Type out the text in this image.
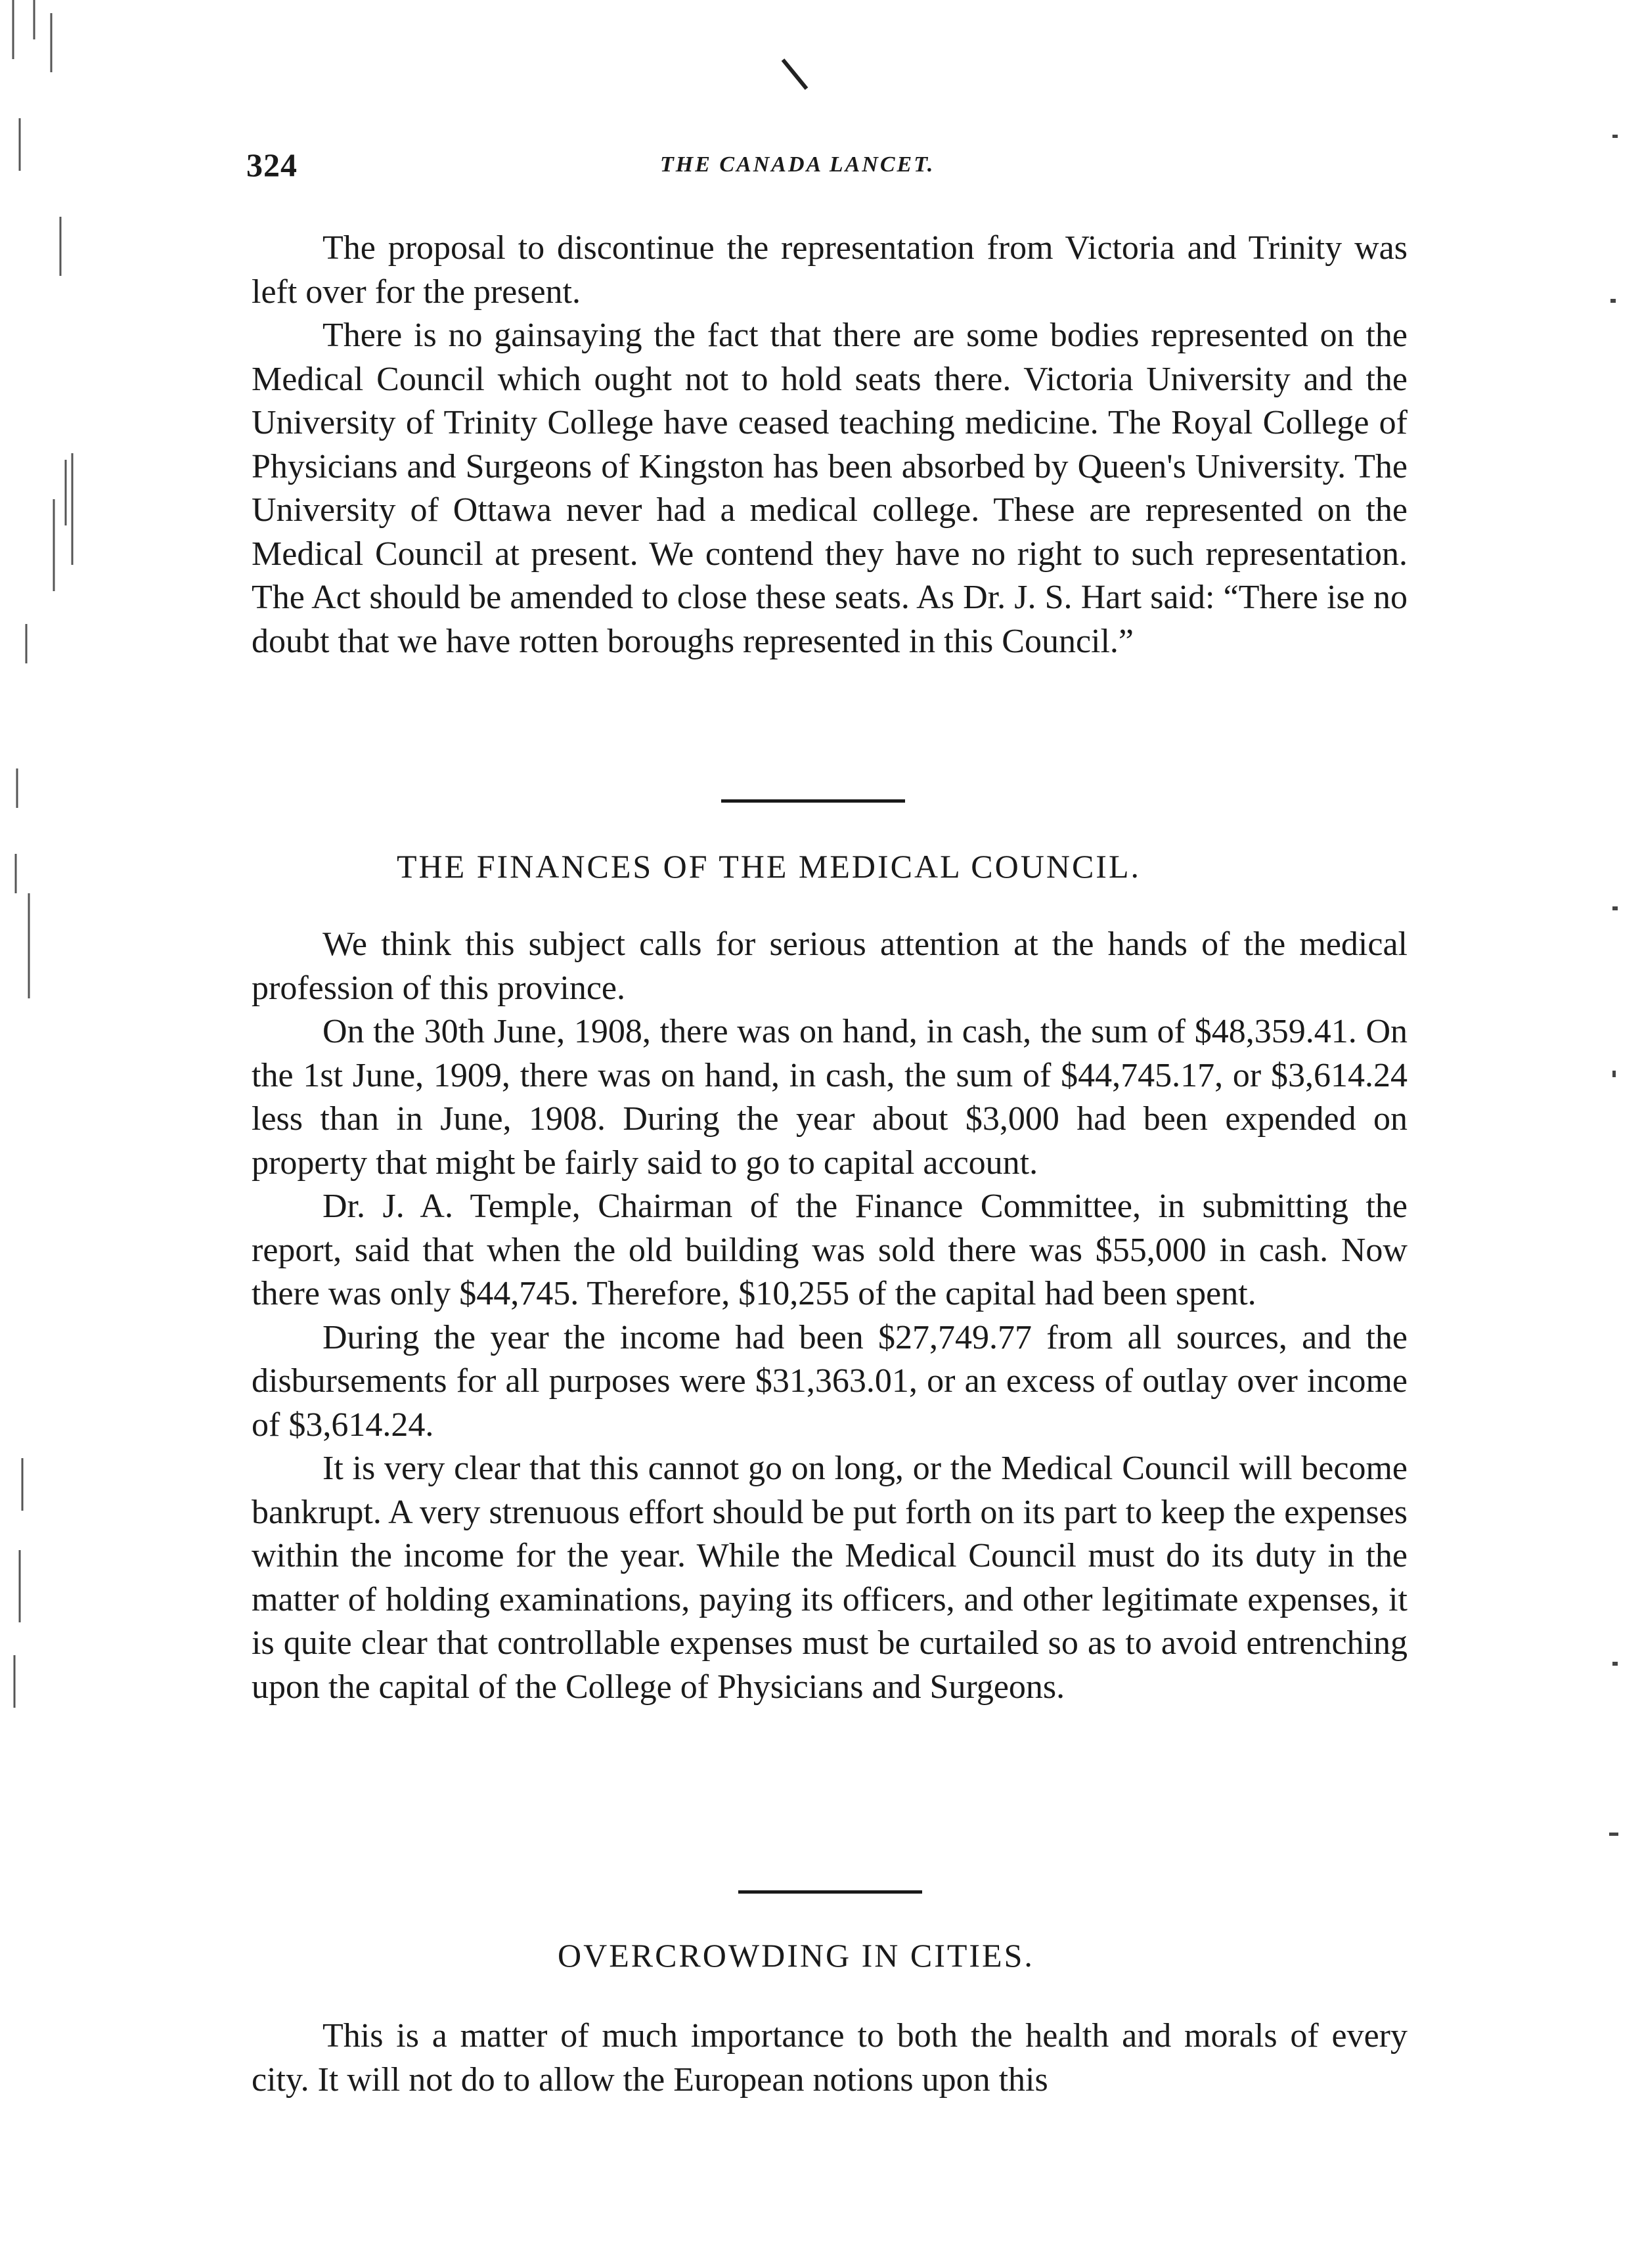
324	THE CANADA LANCET.

The proposal to discontinue the representation from Victoria and Trinity was left over for the present.

There is no gainsaying the fact that there are some bodies represented on the Medical Council which ought not to hold seats there. Victoria University and the University of Trinity College have ceased teaching medicine. The Royal College of Physicians and Surgeons of Kingston has been absorbed by Queen's University. The University of Ottawa never had a medical college. These are represented on the Medical Council at present. We contend they have no right to such representation. The Act should be amended to close these seats. As Dr. J. S. Hart said: “There ise no doubt that we have rotten boroughs represented in this Council.”

THE FINANCES OF THE MEDICAL COUNCIL.

We think this subject calls for serious attention at the hands of the medical profession of this province.

On the 30th June, 1908, there was on hand, in cash, the sum of $48,359.41. On the 1st June, 1909, there was on hand, in cash, the sum of $44,745.17, or $3,614.24 less than in June, 1908. During the year about $3,000 had been expended on property that might be fairly said to go to capital account.

Dr. J. A. Temple, Chairman of the Finance Committee, in submitting the report, said that when the old building was sold there was $55,000 in cash. Now there was only $44,745. Therefore, $10,255 of the capital had been spent.

During the year the income had been $27,749.77 from all sources, and the disbursements for all purposes were $31,363.01, or an excess of outlay over income of $3,614.24.

It is very clear that this cannot go on long, or the Medical Council will become bankrupt. A very strenuous effort should be put forth on its part to keep the expenses within the income for the year. While the Medical Council must do its duty in the matter of holding examinations, paying its officers, and other legitimate expenses, it is quite clear that controllable expenses must be curtailed so as to avoid entrenching upon the capital of the College of Physicians and Surgeons.

OVERCROWDING IN CITIES.

This is a matter of much importance to both the health and morals of every city. It will not do to allow the European notions upon this
